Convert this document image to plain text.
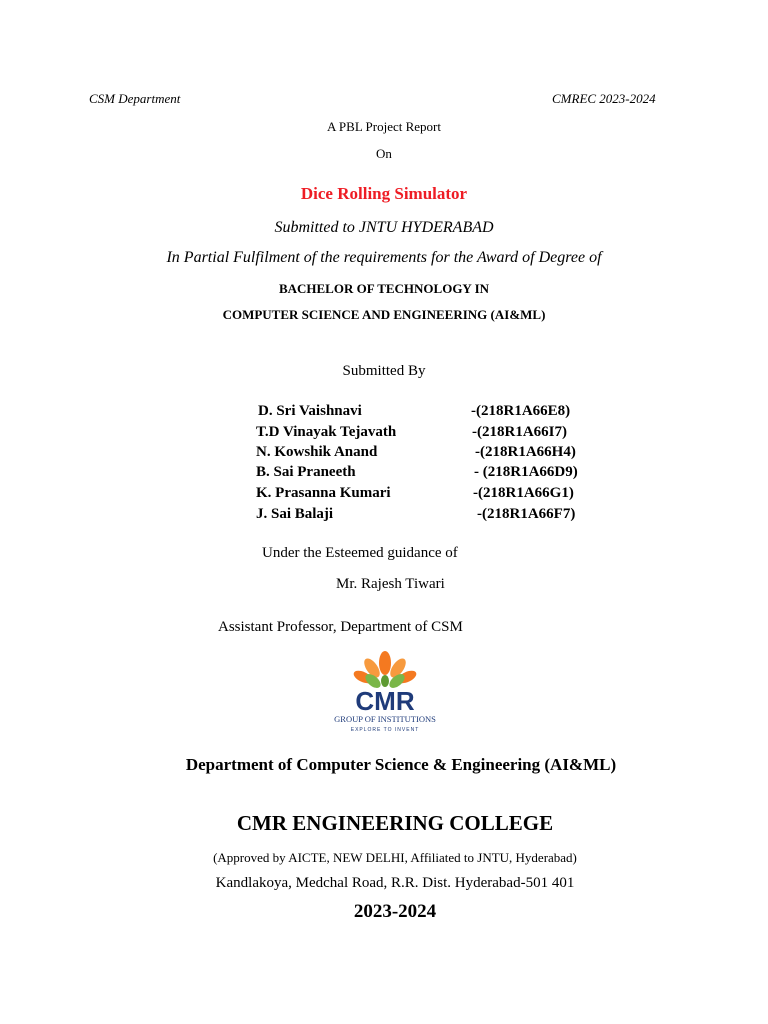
CSM Department	CMREC 2023-2024
A PBL Project Report
On
Dice Rolling Simulator
Submitted to JNTU HYDERABAD
In Partial Fulfilment of the requirements for the Award of Degree of
BACHELOR OF TECHNOLOGY IN
COMPUTER SCIENCE AND ENGINEERING (AI&ML)
Submitted By
D. Sri Vaishnavi	-(218R1A66E8)
T.D Vinayak Tejavath	-(218R1A66I7)
N. Kowshik Anand	-(218R1A66H4)
B. Sai Praneeth	- (218R1A66D9)
K. Prasanna Kumari	-(218R1A66G1)
J. Sai Balaji	-(218R1A66F7)
Under the Esteemed guidance of
Mr. Rajesh Tiwari
Assistant Professor, Department of CSM
CMR
GROUP OF INSTITUTIONS
EXPLORE TO INVENT
Department of Computer Science & Engineering (AI&ML)
CMR ENGINEERING COLLEGE
(Approved by AICTE, NEW DELHI, Affiliated to JNTU, Hyderabad)
Kandlakoya, Medchal Road, R.R. Dist. Hyderabad-501 401
2023-2024
